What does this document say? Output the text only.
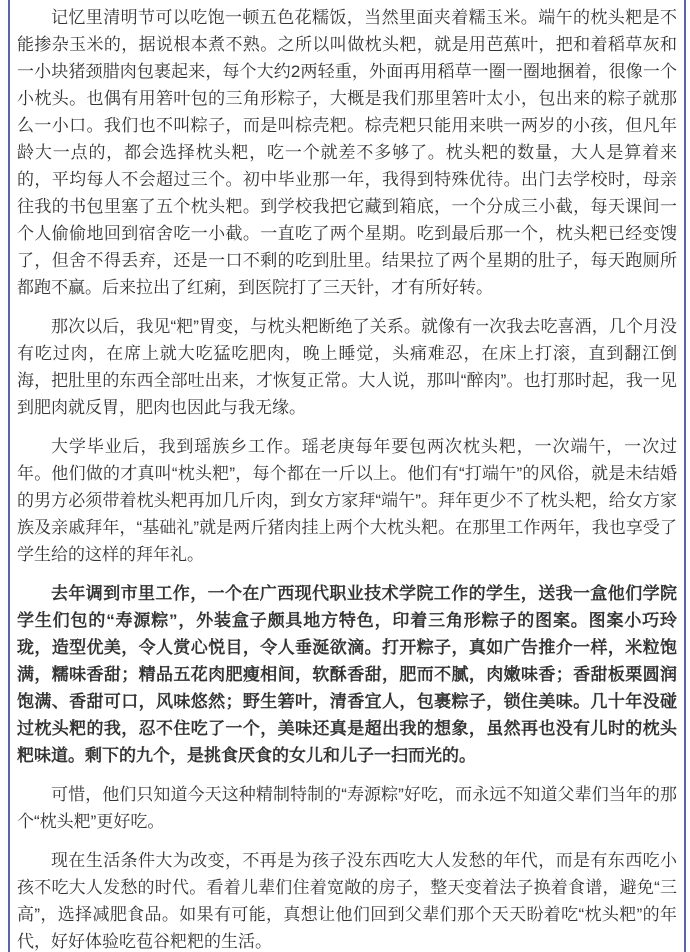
记忆里清明节可以吃饱一顿五色花糯饭，当然里面夹着糯玉米。端午的枕头粑是不能掺杂玉米的，据说根本煮不熟。之所以叫做枕头粑，就是用芭蕉叶，把和着稻草灰和一小块猪颈腊肉包裹起来，每个大约2两轻重，外面再用稻草一圈一圈地捆着，很像一个小枕头。也偶有用箬叶包的三角形粽子，大概是我们那里箬叶太小，包出来的粽子就那么一小口。我们也不叫粽子，而是叫棕壳粑。棕壳粑只能用来哄一两岁的小孩，但凡年龄大一点的，都会选择枕头粑，吃一个就差不多够了。枕头粑的数量，大人是算着来的，平均每人不会超过三个。初中毕业那一年，我得到特殊优待。出门去学校时，母亲往我的书包里塞了五个枕头粑。到学校我把它藏到箱底，一个分成三小截，每天课间一个人偷偷地回到宿舍吃一小截。一直吃了两个星期。吃到最后那一个，枕头粑已经变馊了，但舍不得丢弃，还是一口不剩的吃到肚里。结果拉了两个星期的肚子，每天跑厕所都跑不赢。后来拉出了红痢，到医院打了三天针，才有所好转。

那次以后，我见“粑”胃变，与枕头粑断绝了关系。就像有一次我去吃喜酒，几个月没有吃过肉，在席上就大吃猛吃肥肉，晚上睡觉，头痛难忍，在床上打滚，直到翻江倒海，把肚里的东西全部吐出来，才恢复正常。大人说，那叫“醉肉”。也打那时起，我一见到肥肉就反胃，肥肉也因此与我无缘。

大学毕业后，我到瑶族乡工作。瑶老庚每年要包两次枕头粑，一次端午，一次过年。他们做的才真叫“枕头粑”，每个都在一斤以上。他们有“打端午”的风俗，就是未结婚的男方必须带着枕头粑再加几斤肉，到女方家拜“端午”。拜年更少不了枕头粑，给女方家族及亲戚拜年，“基础礼”就是两斤猪肉挂上两个大枕头粑。在那里工作两年，我也享受了学生给的这样的拜年礼。

去年调到市里工作，一个在广西现代职业技术学院工作的学生，送我一盒他们学院学生们包的“寿源粽”，外装盒子颇具地方特色，印着三角形粽子的图案。图案小巧玲珑，造型优美，令人赏心悦目，令人垂涎欲滴。打开粽子，真如广告推介一样，米粒饱满，糯味香甜；精品五花肉肥瘦相间，软酥香甜，肥而不腻，肉嫩味香；香甜板栗圆润饱满、香甜可口，风味悠然；野生箬叶，清香宜人，包裹粽子，锁住美味。几十年没碰过枕头粑的我，忍不住吃了一个，美味还真是超出我的想象，虽然再也没有儿时的枕头粑味道。剩下的九个，是挑食厌食的女儿和儿子一扫而光的。

可惜，他们只知道今天这种精制特制的“寿源粽”好吃，而永远不知道父辈们当年的那个“枕头粑”更好吃。

现在生活条件大为改变，不再是为孩子没东西吃大人发愁的年代，而是有东西吃小孩不吃大人发愁的时代。看着儿辈们住着宽敞的房子，整天变着法子换着食谱，避免“三高”，选择减肥食品。如果有可能，真想让他们回到父辈们那个天天盼着吃“枕头粑”的年代，好好体验吃苞谷粑粑的生活。
